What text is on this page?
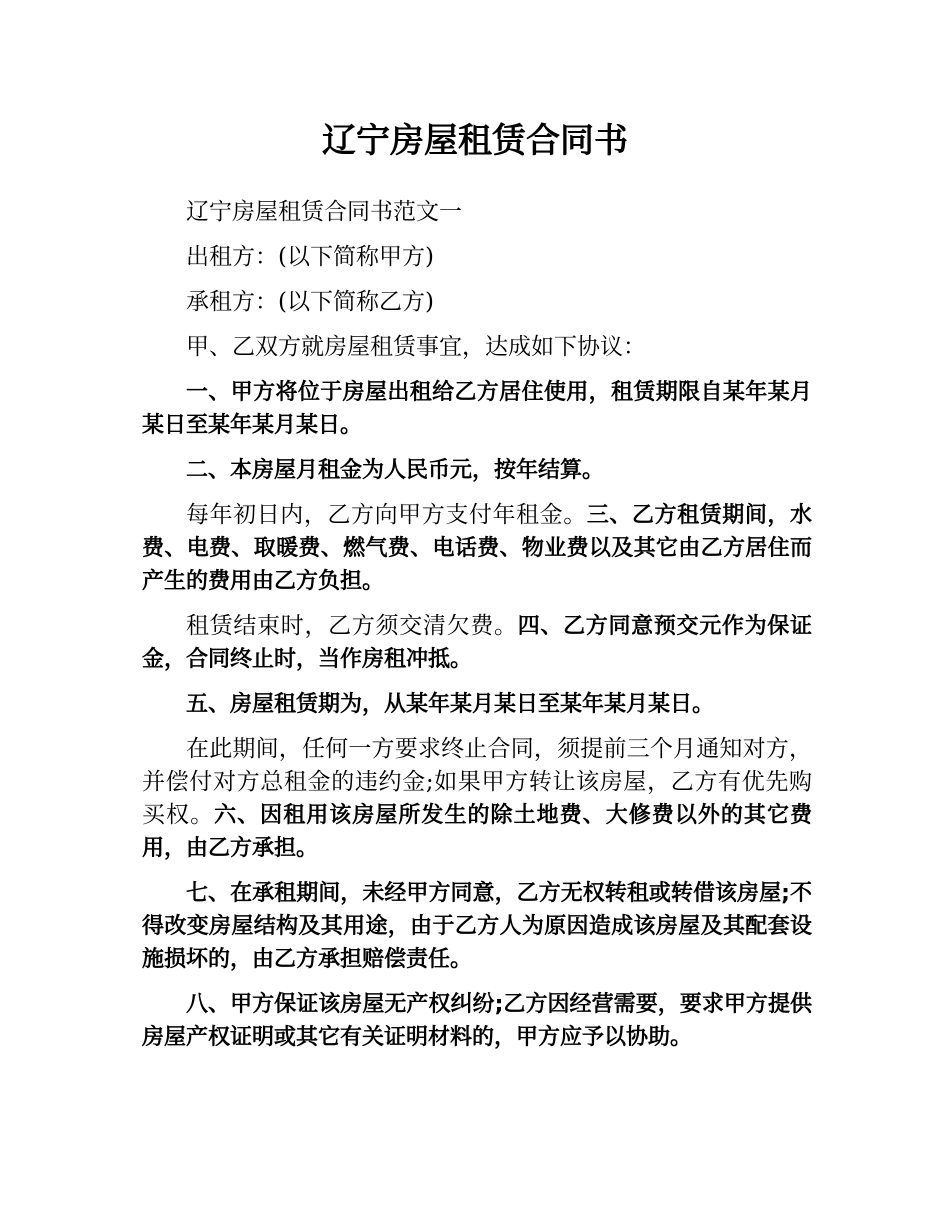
辽宁房屋租赁合同书

辽宁房屋租赁合同书范文一

出租方：(以下简称甲方)

承租方：(以下简称乙方)

甲、乙双方就房屋租赁事宜，达成如下协议：

一、甲方将位于房屋出租给乙方居住使用，租赁期限自某年某月某日至某年某月某日。

二、本房屋月租金为人民币元，按年结算。

每年初日内，乙方向甲方支付年租金。三、乙方租赁期间，水费、电费、取暖费、燃气费、电话费、物业费以及其它由乙方居住而产生的费用由乙方负担。

租赁结束时，乙方须交清欠费。四、乙方同意预交元作为保证金，合同终止时，当作房租冲抵。

五、房屋租赁期为，从某年某月某日至某年某月某日。

在此期间，任何一方要求终止合同，须提前三个月通知对方，并偿付对方总租金的违约金;如果甲方转让该房屋，乙方有优先购买权。六、因租用该房屋所发生的除土地费、大修费以外的其它费用，由乙方承担。

七、在承租期间，未经甲方同意，乙方无权转租或转借该房屋;不得改变房屋结构及其用途，由于乙方人为原因造成该房屋及其配套设施损坏的，由乙方承担赔偿责任。

八、甲方保证该房屋无产权纠纷;乙方因经营需要，要求甲方提供房屋产权证明或其它有关证明材料的，甲方应予以协助。
